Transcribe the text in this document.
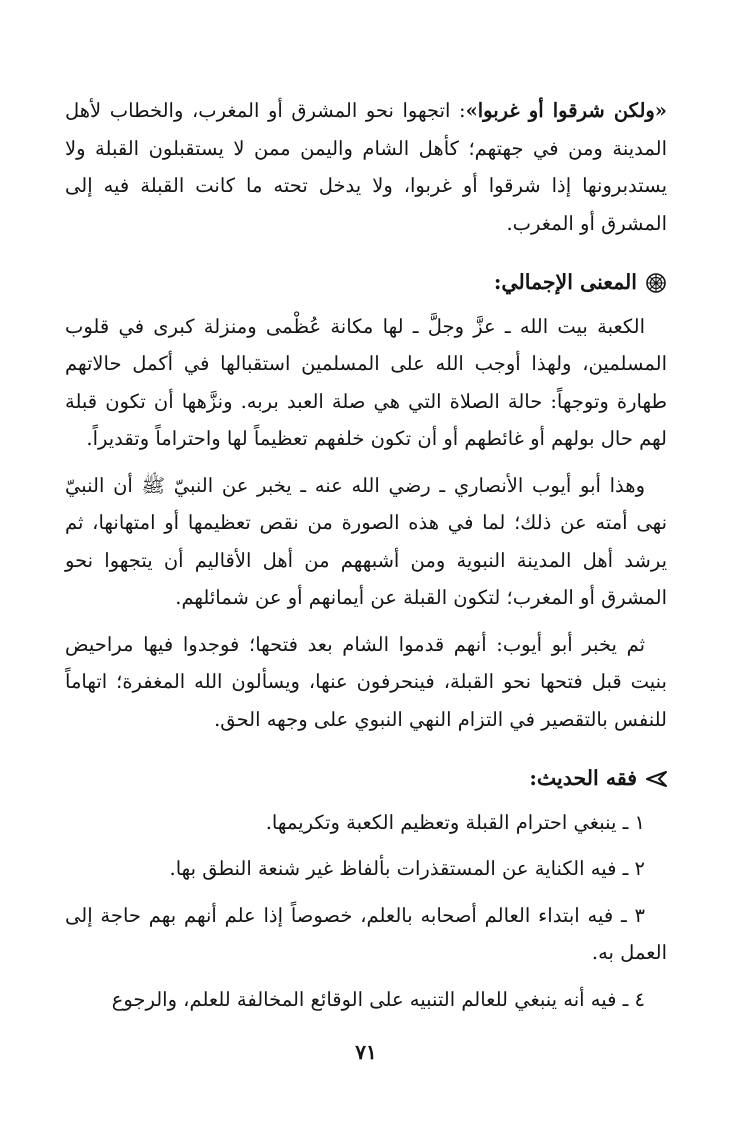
«ولكن شرقوا أو غربوا»: اتجهوا نحو المشرق أو المغرب، والخطاب لأهل المدينة ومن في جهتهم؛ كأهل الشام واليمن ممن لا يستقبلون القبلة ولا يستدبرونها إذا شرقوا أو غربوا، ولا يدخل تحته ما كانت القبلة فيه إلى المشرق أو المغرب.

المعنى الإجمالي:

الكعبة بيت الله ـ عزَّ وجلَّ ـ لها مكانة عُظْمى ومنزلة كبرى في قلوب المسلمين، ولهذا أوجب الله على المسلمين استقبالها في أكمل حالاتهم طهارة وتوجهاً: حالة الصلاة التي هي صلة العبد بربه. ونزَّهها أن تكون قبلة لهم حال بولهم أو غائطهم أو أن تكون خلفهم تعظيماً لها واحتراماً وتقديراً.

وهذا أبو أيوب الأنصاري ـ رضي الله عنه ـ يخبر عن النبيّ ﷺ أن النبيّ نهى أمته عن ذلك؛ لما في هذه الصورة من نقص تعظيمها أو امتهانها، ثم يرشد أهل المدينة النبوية ومن أشبههم من أهل الأقاليم أن يتجهوا نحو المشرق أو المغرب؛ لتكون القبلة عن أيمانهم أو عن شمائلهم.

ثم يخبر أبو أيوب: أنهم قدموا الشام بعد فتحها؛ فوجدوا فيها مراحيض بنيت قبل فتحها نحو القبلة، فينحرفون عنها، ويسألون الله المغفرة؛ اتهاماً للنفس بالتقصير في التزام النهي النبوي على وجهه الحق.

فقه الحديث:
١ ـ ينبغي احترام القبلة وتعظيم الكعبة وتكريمها.
٢ ـ فيه الكناية عن المستقذرات بألفاظ غير شنعة النطق بها.
٣ ـ فيه ابتداء العالم أصحابه بالعلم، خصوصاً إذا علم أنهم بهم حاجة إلى العمل به.
٤ ـ فيه أنه ينبغي للعالم التنبيه على الوقائع المخالفة للعلم، والرجوع
٧١
